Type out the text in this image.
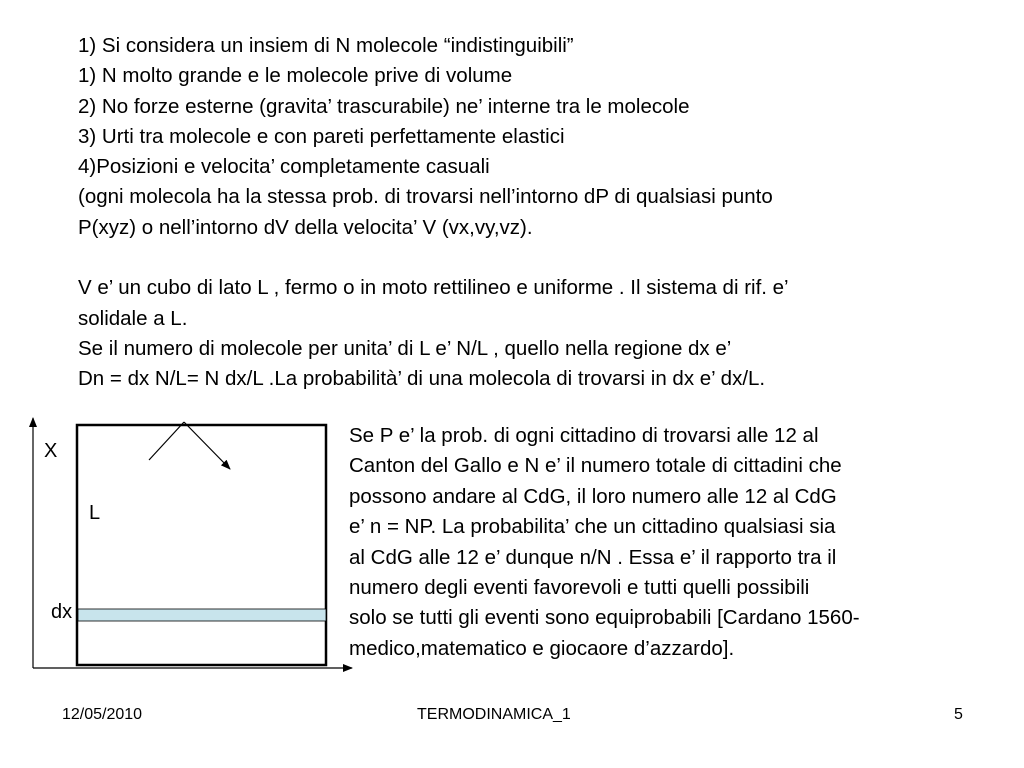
1) Si considera un insiem di N molecole “indistinguibili”
1) N molto grande e le molecole prive di volume
2) No forze esterne (gravita’ trascurabile) ne’ interne tra le molecole
3) Urti tra molecole e con pareti perfettamente elastici
4)Posizioni e velocita’ completamente casuali
(ogni molecola ha la stessa prob. di trovarsi nell’intorno dP di qualsiasi punto
P(xyz) o nell’intorno dV della velocita’ V (vx,vy,vz).
V e’ un cubo di lato L , fermo o in moto rettilineo e uniforme . Il sistema di rif. e’
solidale a L.
Se il numero di molecole per unita’ di L e’ N/L , quello nella regione dx e’
Dn = dx N/L= N dx/L .La probabilità’ di una molecola di trovarsi in dx e’ dx/L.
X
L
dx
Se P e’ la prob. di ogni cittadino di trovarsi alle 12 al
Canton del Gallo e N e’ il numero totale di cittadini che
possono andare al CdG, il loro numero alle 12 al CdG
e’ n = NP. La probabilita’ che un cittadino qualsiasi sia
al CdG alle 12 e’ dunque n/N . Essa e’ il rapporto tra il
numero degli eventi favorevoli e tutti quelli possibili
solo se tutti gli eventi sono equiprobabili [Cardano 1560-
medico,matematico e giocaore d’azzardo].
12/05/2010	TERMODINAMICA_1	5
